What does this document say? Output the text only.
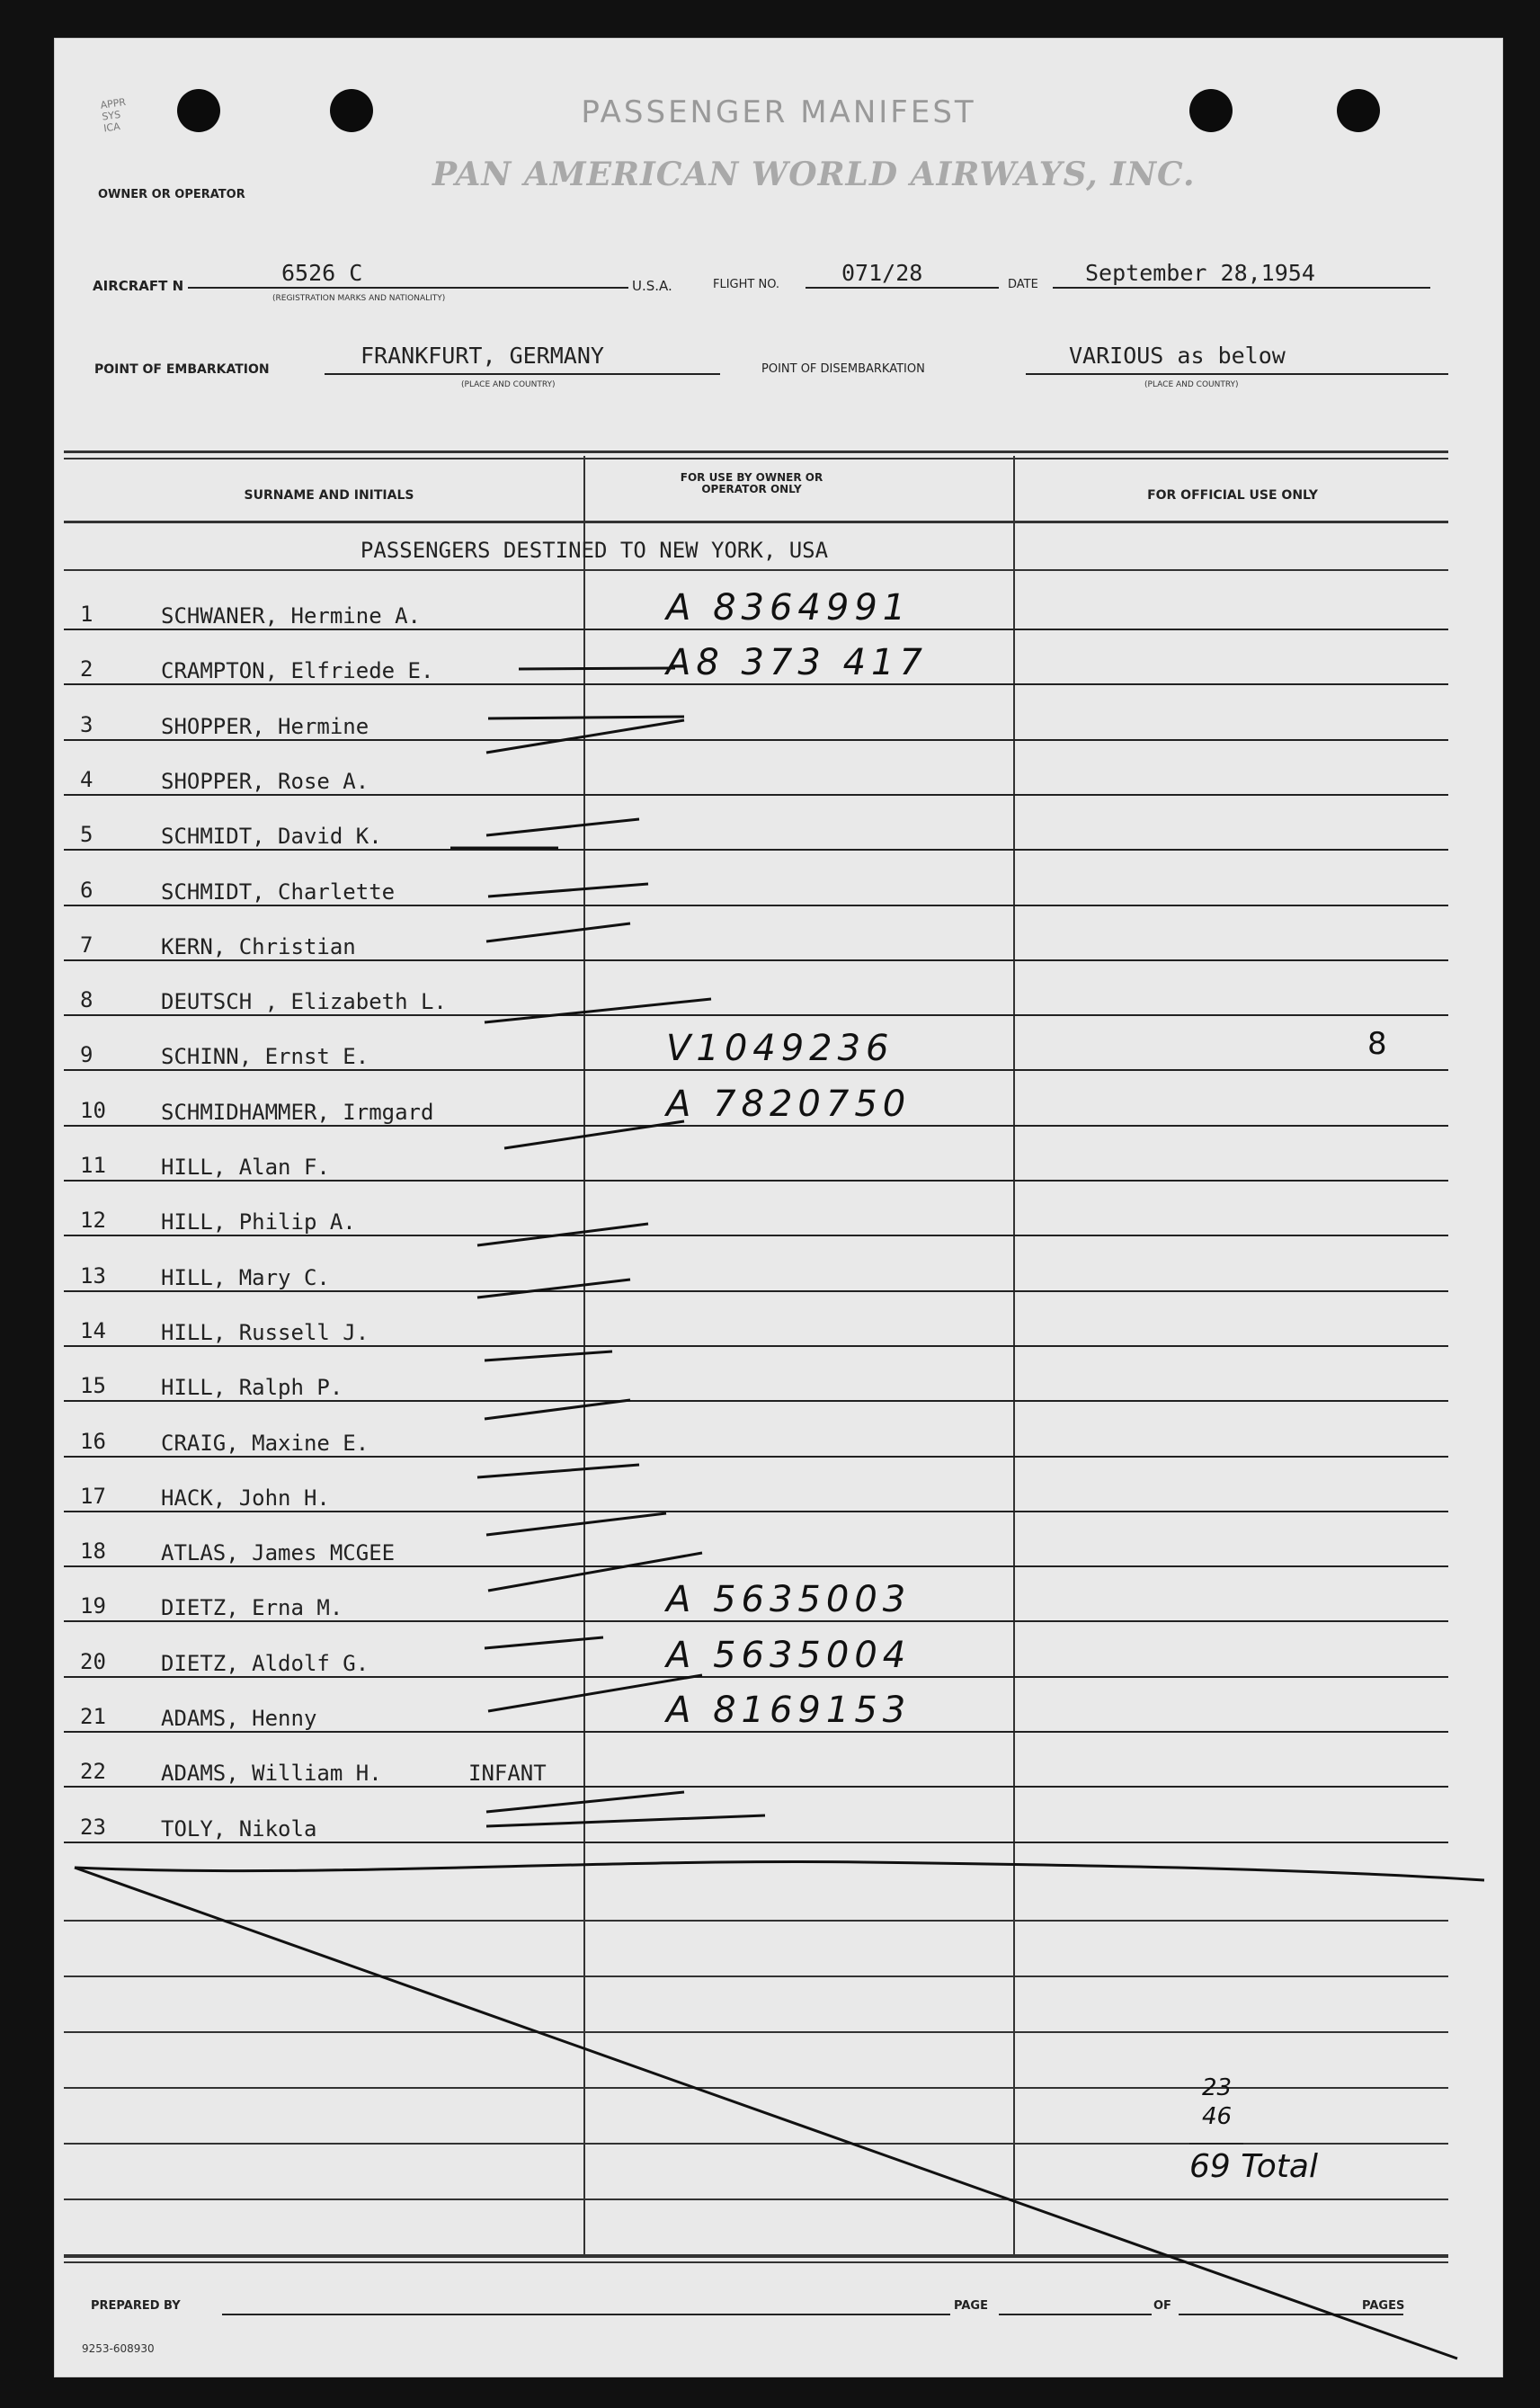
APPR
SYS
ICA	PASSENGER MANIFEST
OWNER OR OPERATOR
PAN AMERICAN WORLD AIRWAYS, INC.
AIRCRAFT N	6526 C
(REGISTRATION MARKS AND NATIONALITY)
U.S.A.	FLIGHT NO.	071/28	DATE September 28,1954
POINT OF EMBARKATION
FRANKFURT, GERMANY
(PLACE AND COUNTRY)
POINT OF DISEMBARKATION
VARIOUS as below
(PLACE AND COUNTRY)
SURNAME AND INITIALS
FOR USE BY OWNER OR OPERATOR ONLY	FOR OFFICIAL USE ONLY
PASSENGERS DESTINED TO NEW YORK, USA
1	SCHWANER, Hermine A.	A 8364991
2	CRAMPTON, Elfriede E.	A8 373 417
3	SHOPPER, Hermine
4	SHOPPER, Rose A.
5	SCHMIDT, David K.
6	SCHMIDT, Charlette
7	KERN, Christian
8	DEUTSCH , Elizabeth L.
9	SCHINN, Ernst E.	V1049236	8
10	SCHMIDHAMMER, Irmgard	A 7820750
11	HILL, Alan F.
12	HILL, Philip A.
13	HILL, Mary C.
14	HILL, Russell J.
15	HILL, Ralph P.
16	CRAIG, Maxine E.
17	HACK, John H.
18	ATLAS, James MCGEE
19	DIETZ, Erna M.	A 5635003
20	DIETZ, Aldolf G.	A 5635004
21	ADAMS, Henny	A 8169153
22	ADAMS, William H.	INFANT
23	TOLY, Nikola
23
46
69 Total
PREPARED BY	PAGE	OF	PAGES
9253-608930
